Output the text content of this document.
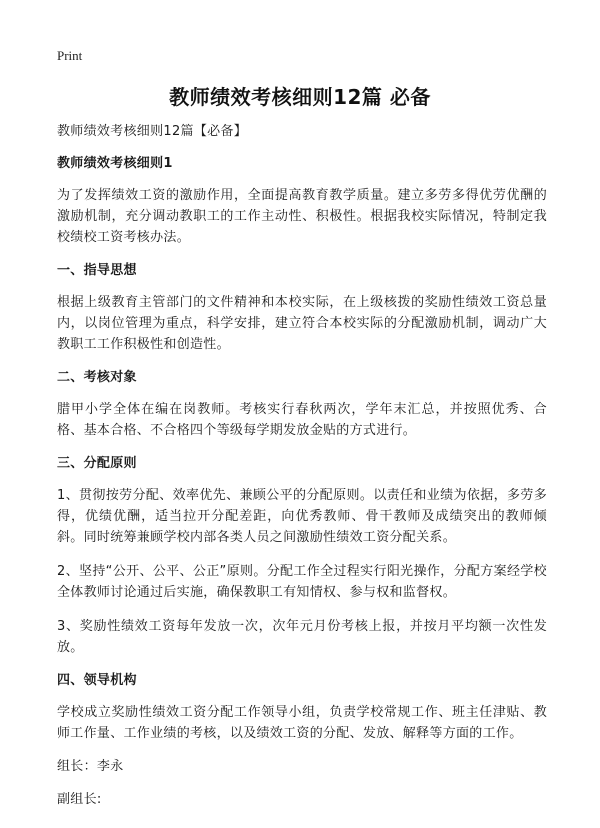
Print
教师绩效考核细则12篇 必备
教师绩效考核细则12篇【必备】
教师绩效考核细则1
为了发挥绩效工资的激励作用，全面提高教育教学质量。建立多劳多得优劳优酬的激励机制，充分调动教职工的工作主动性、积极性。根据我校实际情况，特制定我校绩校工资考核办法。
一、指导思想
根据上级教育主管部门的文件精神和本校实际，在上级核拨的奖励性绩效工资总量内，以岗位管理为重点，科学安排，建立符合本校实际的分配激励机制，调动广大教职工工作积极性和创造性。
二、考核对象
腊甲小学全体在编在岗教师。考核实行春秋两次，学年末汇总，并按照优秀、合格、基本合格、不合格四个等级每学期发放金贴的方式进行。
三、分配原则
1、贯彻按劳分配、效率优先、兼顾公平的分配原则。以责任和业绩为依据，多劳多得，优绩优酬，适当拉开分配差距，向优秀教师、骨干教师及成绩突出的教师倾斜。同时统筹兼顾学校内部各类人员之间激励性绩效工资分配关系。
2、坚持“公开、公平、公正”原则。分配工作全过程实行阳光操作，分配方案经学校全体教师讨论通过后实施，确保教职工有知情权、参与权和监督权。
3、奖励性绩效工资每年发放一次，次年元月份考核上报，并按月平均额一次性发放。
四、领导机构
学校成立奖励性绩效工资分配工作领导小组，负责学校常规工作、班主任津贴、教师工作量、工作业绩的考核，以及绩效工资的分配、发放、解释等方面的工作。
组长：李永
副组长:
